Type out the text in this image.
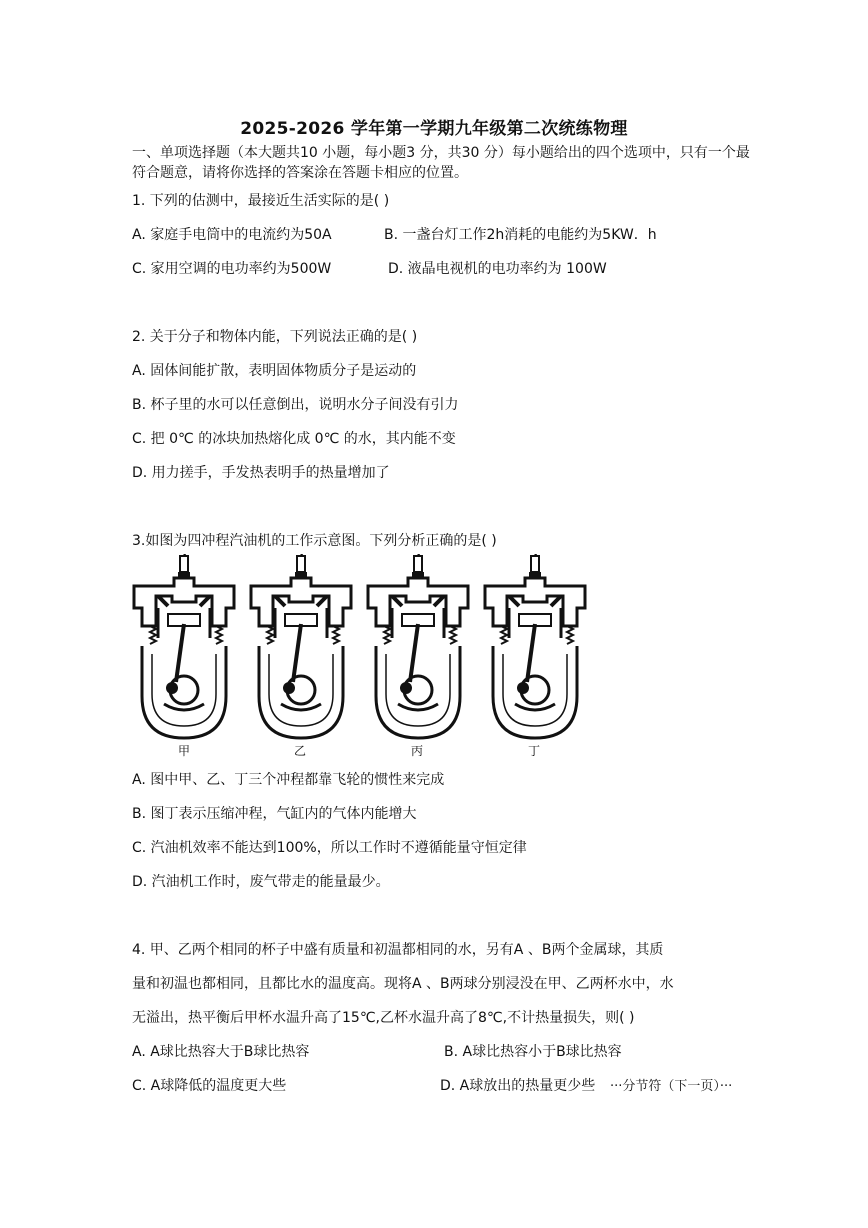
2025-2026 学年第一学期九年级第二次统练物理
一、单项选择题（本大题共10 小题，每小题3 分，共30 分）每小题给出的四个选项中，只有一个最
符合题意，请将你选择的答案涂在答题卡相应的位置。
1. 下列的估测中，最接近生活实际的是( )
A. 家庭手电筒中的电流约为50A	B. 一盏台灯工作2h消耗的电能约为5KW．h
C. 家用空调的电功率约为500W	D. 液晶电视机的电功率约为 100W
2. 关于分子和物体内能，下列说法正确的是( )
A. 固体间能扩散，表明固体物质分子是运动的
B. 杯子里的水可以任意倒出，说明水分子间没有引力
C. 把 0℃ 的冰块加热熔化成 0℃ 的水，其内能不变
D. 用力搓手，手发热表明手的热量增加了
3.如图为四冲程汽油机的工作示意图。下列分析正确的是( )
甲	乙	丙	丁
A. 图中甲、乙、丁三个冲程都靠飞轮的惯性来完成
B. 图丁表示压缩冲程，气缸内的气体内能增大
C. 汽油机效率不能达到100%，所以工作时不遵循能量守恒定律
D. 汽油机工作时，废气带走的能量最少。
4. 甲、乙两个相同的杯子中盛有质量和初温都相同的水，另有A 、B两个金属球，其质
量和初温也都相同，且都比水的温度高。现将A 、B两球分别浸没在甲、乙两杯水中，水
无溢出，热平衡后甲杯水温升高了15℃,乙杯水温升高了8℃,不计热量损失，则( )
A. A球比热容大于B球比热容	B. A球比热容小于B球比热容
C. A球降低的温度更大些	D. A球放出的热量更少些 ···分节符（下一页）···
